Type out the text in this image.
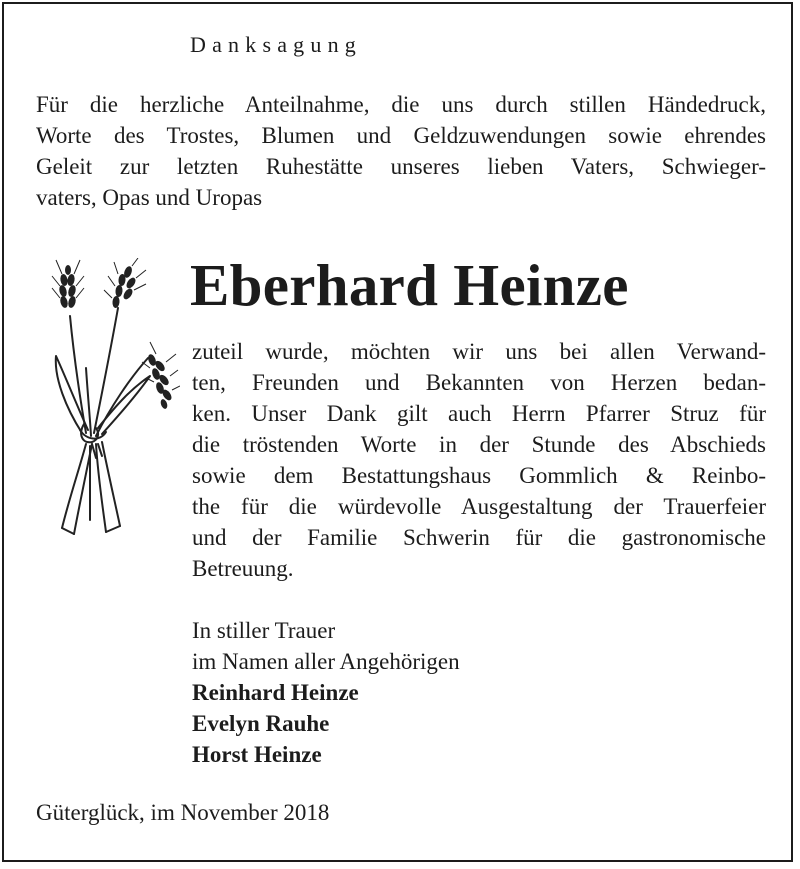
Danksagung
Für die herzliche Anteilnahme, die uns durch stillen Händedruck,
Worte des Trostes, Blumen und Geldzuwendungen sowie ehrendes
Geleit zur letzten Ruhestätte unseres lieben Vaters, Schwieger-
vaters, Opas und Uropas
Eberhard Heinze
zuteil wurde, möchten wir uns bei allen Verwand-
ten, Freunden und Bekannten von Herzen bedan-
ken. Unser Dank gilt auch Herrn Pfarrer Struz für
die tröstenden Worte in der Stunde des Abschieds
sowie dem Bestattungshaus Gommlich & Reinbo-
the für die würdevolle Ausgestaltung der Trauerfeier
und der Familie Schwerin für die gastronomische
Betreuung.
In stiller Trauer
im Namen aller Angehörigen
Reinhard Heinze
Evelyn Rauhe
Horst Heinze
Güterglück, im November 2018
